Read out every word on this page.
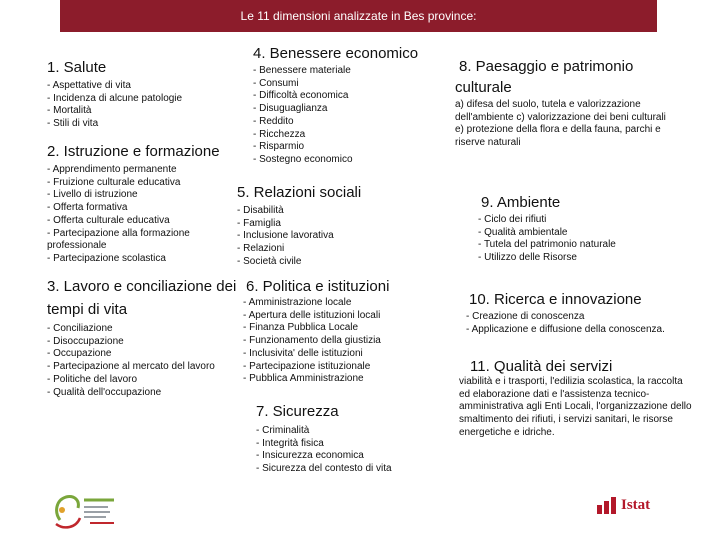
Le 11 dimensioni analizzate in Bes province:
1. Salute
- Aspettative di vita
- Incidenza di alcune patologie
- Mortalità
- Stili di vita
2. Istruzione e formazione
- Apprendimento permanente
- Fruizione culturale educativa
- Livello di istruzione
- Offerta formativa
- Offerta culturale educativa
- Partecipazione alla formazione professionale
- Partecipazione scolastica
3. Lavoro e conciliazione dei tempi di vita
- Conciliazione
- Disoccupazione
- Occupazione
- Partecipazione al mercato del lavoro
- Politiche del lavoro
- Qualità dell'occupazione
4. Benessere economico
- Benessere materiale
- Consumi
- Difficoltà economica
- Disuguaglianza
- Reddito
- Ricchezza
- Risparmio
- Sostegno economico
5. Relazioni sociali
- Disabilità
- Famiglia
- Inclusione lavorativa
- Relazioni
- Società civile
6. Politica e istituzioni
- Amministrazione locale
- Apertura delle istituzioni locali
- Finanza Pubblica Locale
- Funzionamento della giustizia
- Inclusivita' delle istituzioni
- Partecipazione istituzionale
- Pubblica Amministrazione
7. Sicurezza
- Criminalità
- Integrità fisica
- Insicurezza economica
- Sicurezza del contesto di vita
8. Paesaggio e patrimonio culturale

a) difesa del suolo, tutela e valorizzazione dell'ambiente c) valorizzazione dei beni culturali e) protezione della flora e della fauna, parchi e riserve naturali

9. Ambiente
- Ciclo dei rifiuti
- Qualità ambientale
- Tutela del patrimonio naturale
- Utilizzo delle Risorse
10. Ricerca e innovazione
- Creazione di conoscenza
- Applicazione e diffusione della conoscenza.
11. Qualità dei servizi

viabilità e i trasporti, l'edilizia scolastica, la raccolta ed elaborazione dati e l'assistenza tecnico-amministrativa agli Enti Locali, l'organizzazione dello smaltimento dei rifiuti, i servizi sanitari, le risorse energetiche e idriche.

Istat
